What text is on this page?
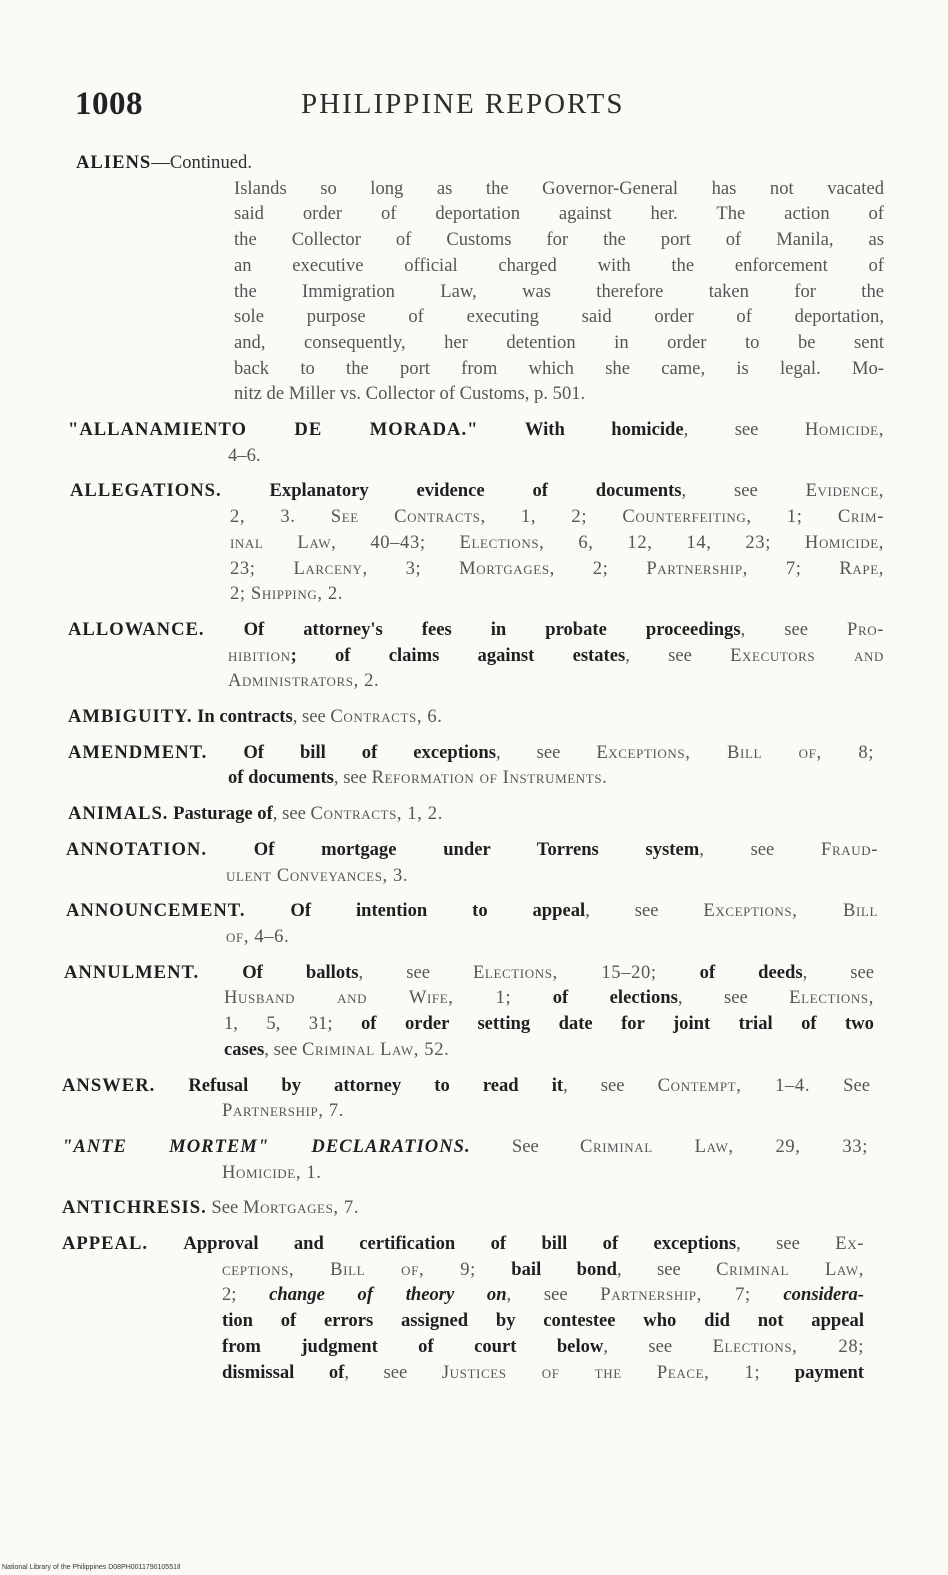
1008	PHILIPPINE REPORTS
ALIENS—Continued.
Islands so long as the Governor-General has not vacated
said order of deportation against her. The action of
the Collector of Customs for the port of Manila, as
an executive official charged with the enforcement of
the Immigration Law, was therefore taken for the
sole purpose of executing said order of deportation,
and, consequently, her detention in order to be sent
back to the port from which she came, is legal. Mo-
nitz de Miller vs. Collector of Customs, p. 501.
"ALLANAMIENTO DE MORADA." With homicide, see Homicide,
4–6.
ALLEGATIONS.	Explanatory evidence of documents, see Evidence,
2, 3. See Contracts, 1, 2; Counterfeiting, 1; Crim-
inal Law, 40–43; Elections, 6, 12, 14, 23; Homicide,
23; Larceny, 3; Mortgages, 2; Partnership, 7; Rape,
2; Shipping, 2.
ALLOWANCE. Of attorney's fees in probate proceedings, see Pro-
hibition; of claims against estates, see Executors and
Administrators, 2.
AMBIGUITY. In contracts, see Contracts, 6.
AMENDMENT. Of bill of exceptions, see Exceptions, Bill of, 8;
of documents, see Reformation of Instruments.
ANIMALS. Pasturage of, see Contracts, 1, 2.
ANNOTATION.	Of mortgage under Torrens system, see Fraud-
ulent Conveyances, 3.
ANNOUNCEMENT. Of intention to appeal, see Exceptions, Bill
of, 4–6.
ANNULMENT. Of ballots, see Elections, 15–20; of deeds, see
Husband and Wife, 1; of elections, see Elections,
1, 5, 31; of order setting date for joint trial of two
cases, see Criminal Law, 52.
ANSWER. Refusal by attorney to read it, see Contempt, 1–4. See
Partnership, 7.
"ANTE MORTEM" DECLARATIONS. See Criminal Law, 29, 33;
Homicide, 1.
ANTICHRESIS. See Mortgages, 7.
APPEAL. Approval and certification of bill of exceptions, see Ex-
ceptions, Bill of, 9; bail bond, see Criminal Law,
2; change of theory on, see Partnership, 7; considera-
tion of errors assigned by contestee who did not appeal
from judgment of court below, see Elections, 28;
dismissal of, see Justices of the Peace, 1; payment
National Library of the Philippines D08PH001179010551Il
